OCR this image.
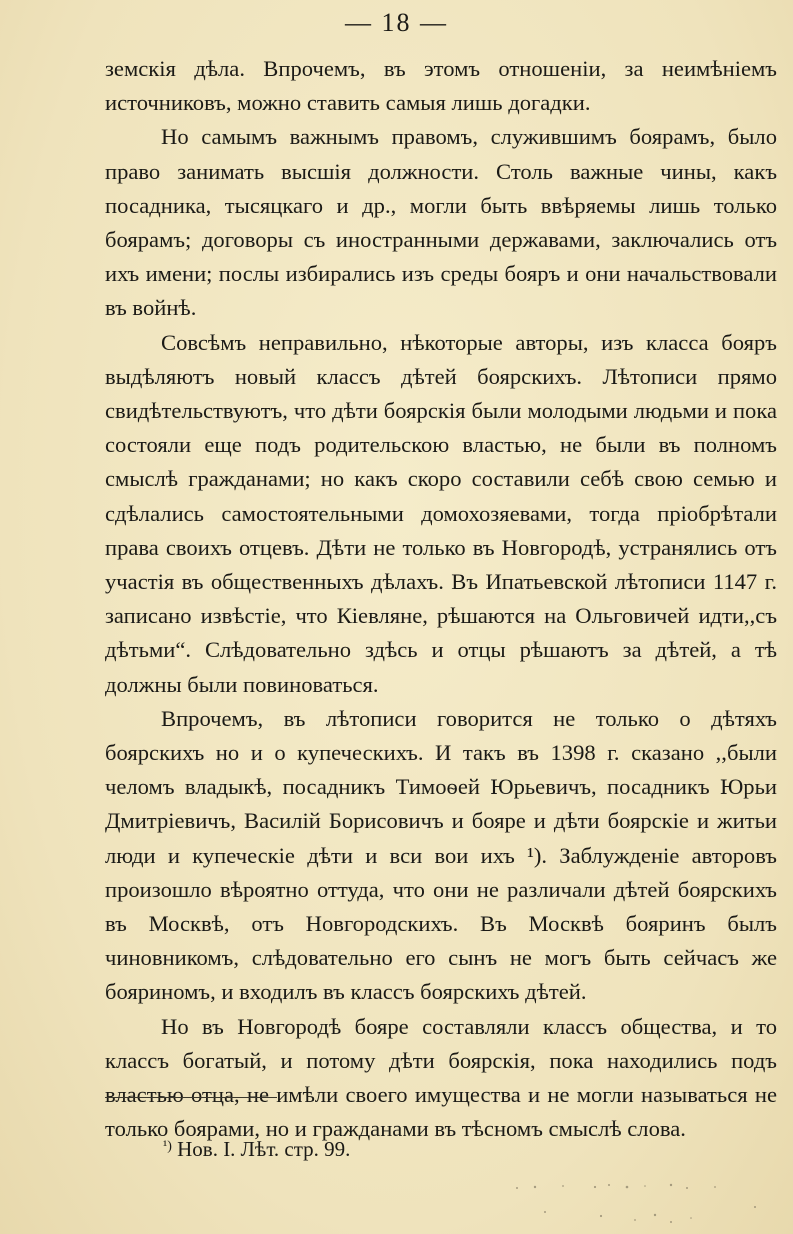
— 18 —

земскія дѣла. Впрочемъ, въ этомъ отношеніи, за неимѣніемъ источниковъ, можно ставить самыя лишь догадки.

Но самымъ важнымъ правомъ, служившимъ боярамъ, было право занимать высшія должности. Столь важные чины, какъ посадника, тысяцкаго и др., могли быть ввѣряемы лишь только боярамъ; договоры съ иностранными державами, заключались отъ ихъ имени; послы избирались изъ среды бояръ и они начальствовали въ войнѣ.

Совсѣмъ неправильно, нѣкоторые авторы, изъ класса бояръ выдѣляютъ новый классъ дѣтей боярскихъ. Лѣтописи прямо свидѣтельствуютъ, что дѣти боярскія были молодыми людьми и пока состояли еще подъ родительскою властью, не были въ полномъ смыслѣ гражданами; но какъ скоро составили себѣ свою семью и сдѣлались самостоятельными домохозяевами, тогда пріобрѣтали права своихъ отцевъ. Дѣти не только въ Новгородѣ, устранялись отъ участія въ общественныхъ дѣлахъ. Въ Ипатьевской лѣтописи 1147 г. записано извѣстіе, что Кіевляне, рѣшаются на Ольговичей идти,,съ дѣтьми“. Слѣдовательно здѣсь и отцы рѣшаютъ за дѣтей, а тѣ должны были повиноваться.

Впрочемъ, въ лѣтописи говорится не только о дѣтяхъ боярскихъ но и о купеческихъ. И такъ въ 1398 г. сказано ,,были челомъ владыкѣ, посадникъ Тимоѳей Юрьевичъ, посадникъ Юрьи Дмитріевичъ, Василій Борисовичъ и бояре и дѣти боярскіе и житьи люди и купеческіе дѣти и вси вои ихъ ¹). Заблужденіе авторовъ произошло вѣроятно оттуда, что они не различали дѣтей боярскихъ въ Москвѣ, отъ Новгородскихъ. Въ Москвѣ бояринъ былъ чиновникомъ, слѣдовательно его сынъ не могъ быть сейчасъ же бояриномъ, и входилъ въ классъ боярскихъ дѣтей.

Но въ Новгородѣ бояре составляли классъ общества, и то классъ богатый, и потому дѣти боярскія, пока находились подъ властью отца, не имѣли своего имущества и не могли называться не только боярами, но и гражданами въ тѣсномъ смыслѣ слова.

$^{^1)}$ Нов. I. Лѣт. стр. 99.
